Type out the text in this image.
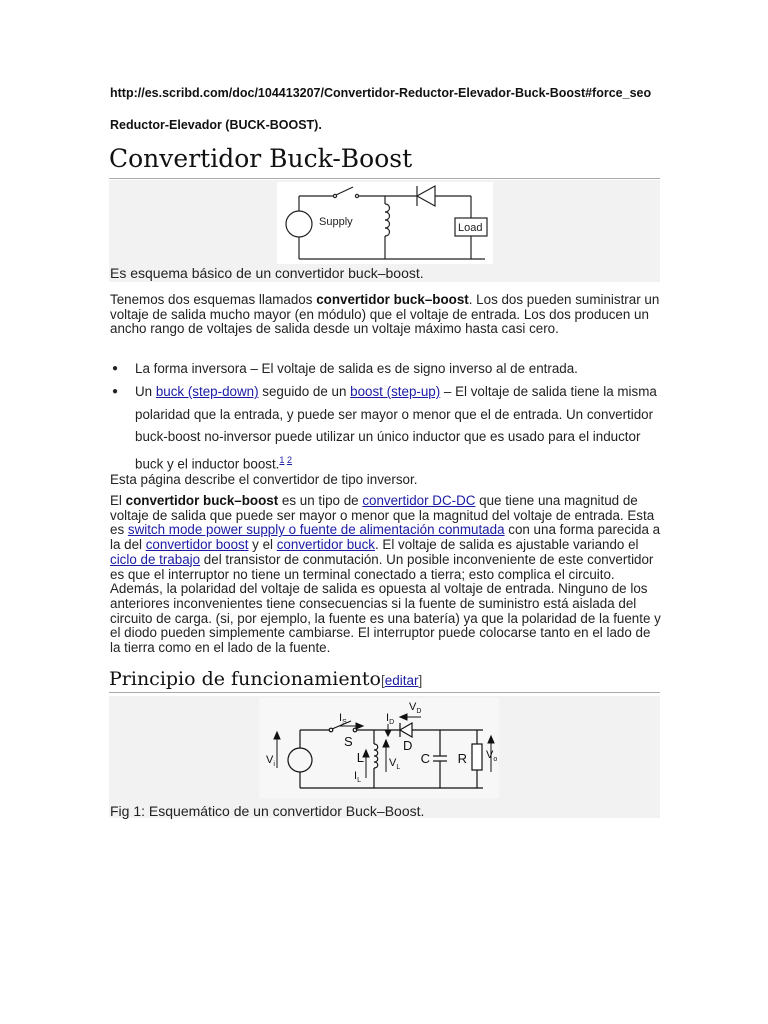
http://es.scribd.com/doc/104413207/Convertidor-Reductor-Elevador-Buck-Boost#force_seo
Reductor-Elevador (BUCK-BOOST).
Convertidor Buck-Boost
Supply	Load
Es esquema básico de un convertidor buck–boost.

Tenemos dos esquemas llamados convertidor buck–boost. Los dos pueden suministrar un voltaje de salida mucho mayor (en módulo) que el voltaje de entrada. Los dos producen un ancho rango de voltajes de salida desde un voltaje máximo hasta casi cero.

● La forma inversora – El voltaje de salida es de signo inverso al de entrada.
● Un buck (step-down) seguido de un boost (step-up) – El voltaje de salida tiene la misma polaridad que la entrada, y puede ser mayor o menor que el de entrada. Un convertidor buck-boost no-inversor puede utilizar un único inductor que es usado para el inductor buck y el inductor boost.$^{1 2}$

Esta página describe el convertidor de tipo inversor.

El convertidor buck–boost es un tipo de convertidor DC-DC que tiene una magnitud de voltaje de salida que puede ser mayor o menor que la magnitud del voltaje de entrada. Esta es switch mode power supply o fuente de alimentación conmutada con una forma parecida a la del convertidor boost y el convertidor buck. El voltaje de salida es ajustable variando el ciclo de trabajo del transistor de conmutación. Un posible inconveniente de este convertidor es que el interruptor no tiene un terminal conectado a tierra; esto complica el circuito. Además, la polaridad del voltaje de salida es opuesta al voltaje de entrada. Ninguno de los anteriores inconvenientes tiene consecuencias si la fuente de suministro está aislada del circuito de carga. (si, por ejemplo, la fuente es una batería) ya que la polaridad de la fuente y el diodo pueden simplemente cambiarse. El interruptor puede colocarse tanto en el lado de la tierra como en el lado de la fuente.

Principio de funcionamiento[editar]
$V_i$
$I_S$
S
L
$I_L$
$V_L$
$I_D$
$V_D$
D
C R $V_o$
Fig 1: Esquemático de un convertidor Buck–Boost.
